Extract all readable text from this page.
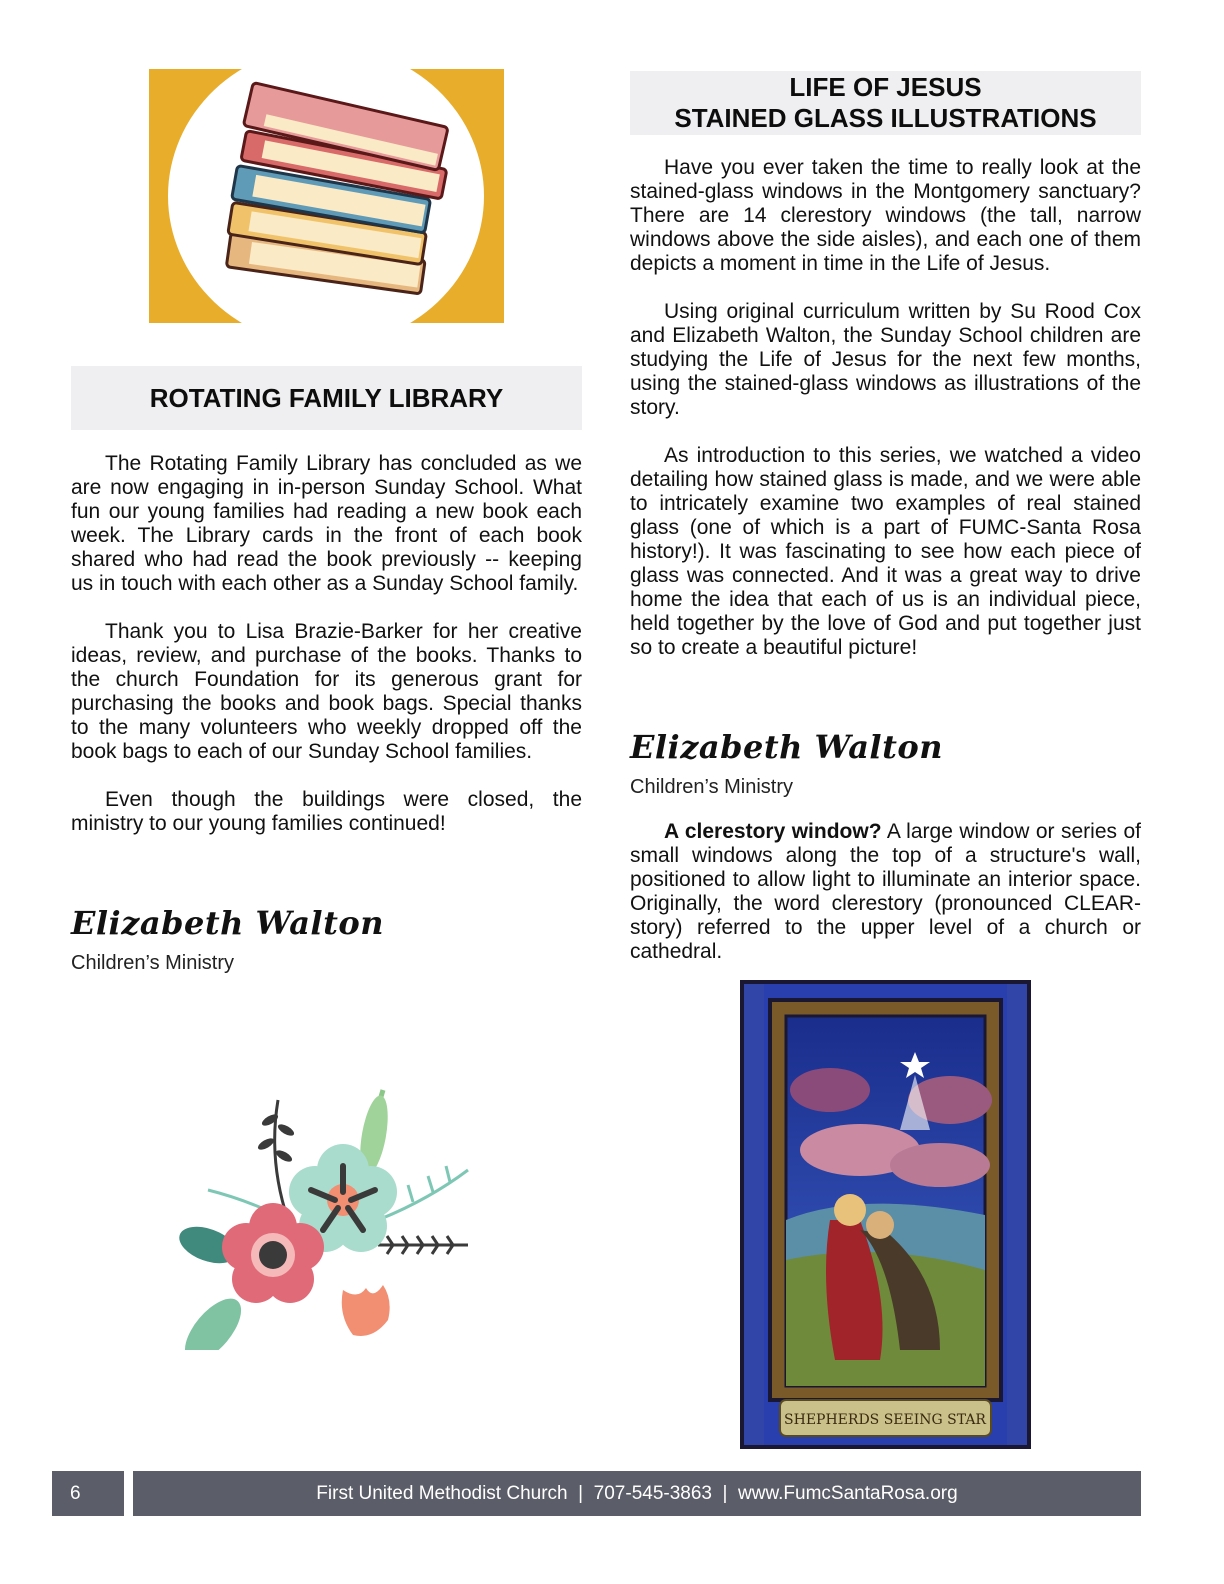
ROTATING FAMILY LIBRARY

The Rotating Family Library has concluded as we are now engaging in in-person Sunday School. What fun our young families had reading a new book each week. The Library cards in the front of each book shared who had read the book previously -- keeping us in touch with each other as a Sunday School family.

Thank you to Lisa Brazie-Barker for her creative ideas, review, and purchase of the books. Thanks to the church Foundation for its generous grant for purchasing the books and book bags. Special thanks to the many volunteers who weekly dropped off the book bags to each of our Sunday School families.

Even though the buildings were closed, the ministry to our young families continued!

Elizabeth Walton
Children’s Ministry
LIFE OF JESUS
STAINED GLASS ILLUSTRATIONS

Have you ever taken the time to really look at the stained-glass windows in the Montgomery sanctuary? There are 14 clerestory windows (the tall, narrow windows above the side aisles), and each one of them depicts a moment in time in the Life of Jesus.

Using original curriculum written by Su Rood Cox and Elizabeth Walton, the Sunday School children are studying the Life of Jesus for the next few months, using the stained-glass windows as illustrations of the story.

As introduction to this series, we watched a video detailing how stained glass is made, and we were able to intricately examine two examples of real stained glass (one of which is a part of FUMC-Santa Rosa history!). It was fascinating to see how each piece of glass was connected. And it was a great way to drive home the idea that each of us is an individual piece, held together by the love of God and put together just so to create a beautiful picture!

Elizabeth Walton
Children’s Ministry

A clerestory window? A large window or series of small windows along the top of a structure's wall, positioned to allow light to illuminate an interior space. Originally, the word clerestory (pronounced CLEAR-story) referred to the upper level of a church or cathedral.

SHEPHERDS SEEING STAR
6	First United Methodist Church  |  707-545-3863  |  www.FumcSantaRosa.org
